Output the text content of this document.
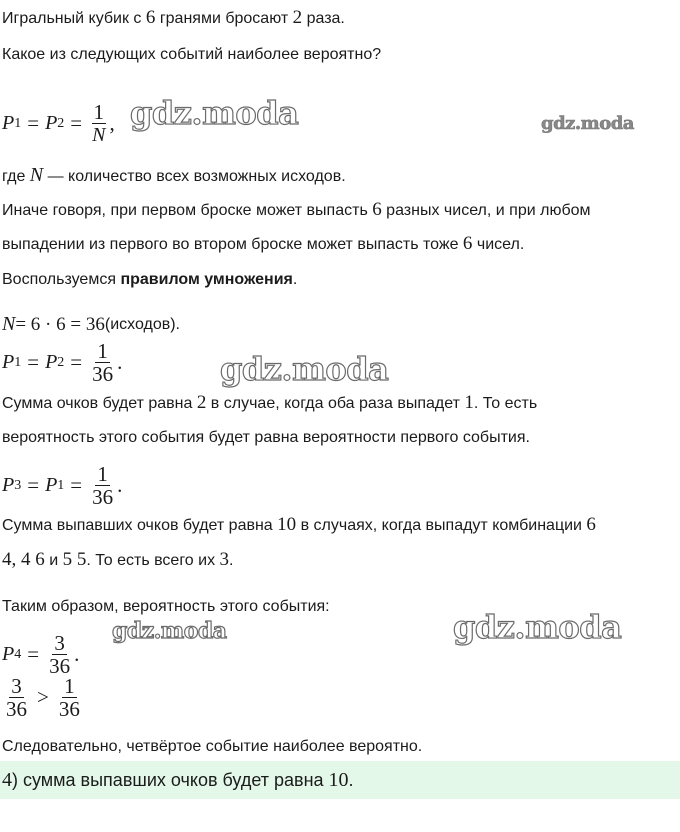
Игральный кубик с 6 гранями бросают 2 раза.
Какое из следующих событий наиболее вероятно?
P 1 = P $2 = \frac{1}{N}$ , gdz.moda	gdz.moda
где N — количество всех возможных исходов.
Иначе говоря, при первом броске может выпасть 6 разных чисел, и при любом
выпадении из первого во втором броске может выпасть тоже 6 чисел.
Воспользуемся правилом умножения.
N = 6 · 6 = 36 (исходов).
P 1 = P $2 = \frac{1}{36}$ .	gdz.moda
Сумма очков будет равна 2 в случае, когда оба раза выпадет 1. То есть
вероятность этого события будет равна вероятности первого события.
P 3 = P $1 = \frac{1}{36}$ .
Сумма выпавших очков будет равна 10 в случаях, когда выпадут комбинации 6
4, 4 6 и 5 5. То есть всего их 3.
Таким образом, вероятность этого события:
gdz.moda	gdz.moda
P $4 = \frac{3}{36}$ .
$\frac{3}{36} > \frac{1}{36}$
Следовательно, четвёртое событие наиболее вероятно.
4) сумма выпавших очков будет равна 10.
